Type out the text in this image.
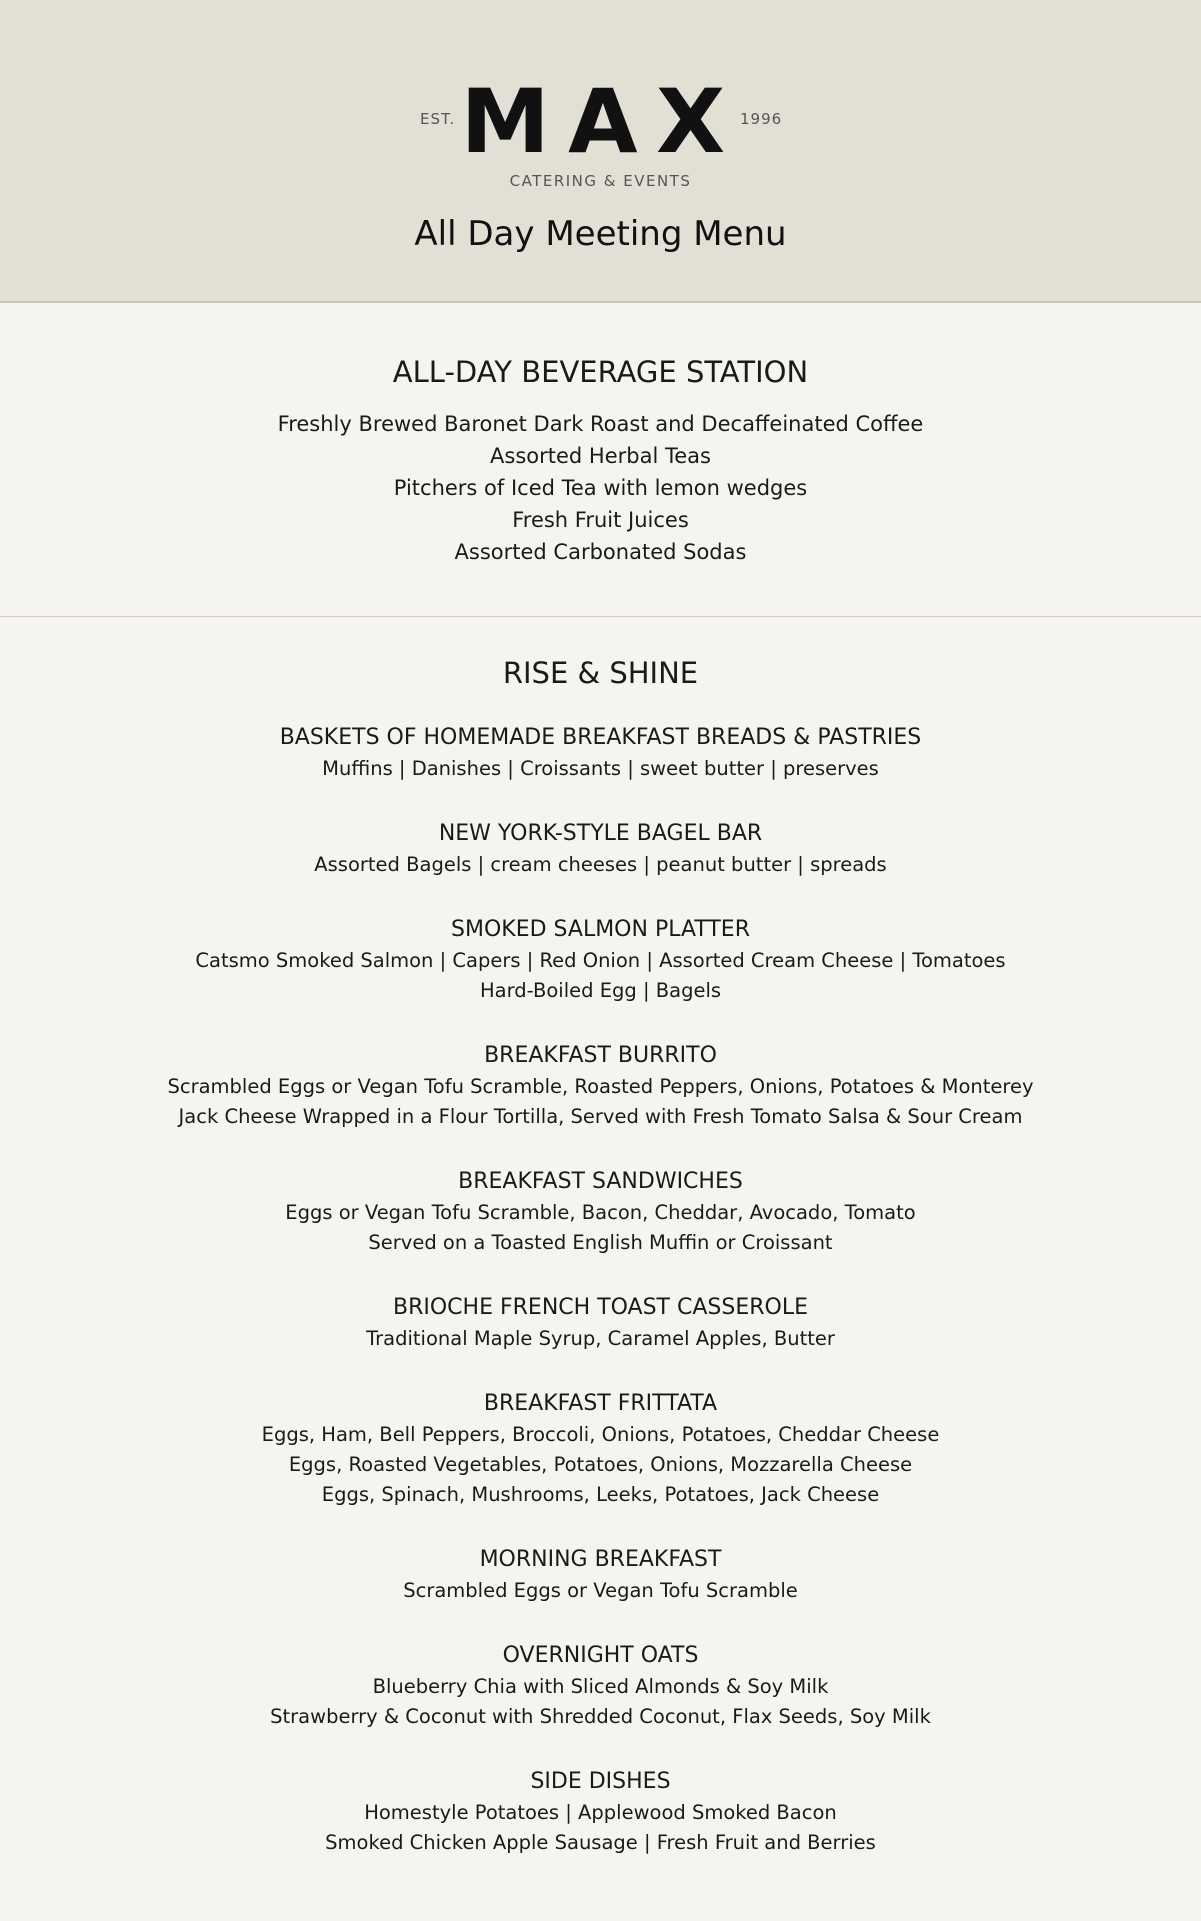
EST. MAX
1996
CATERING & EVENTS
All Day Meeting Menu
ALL-DAY BEVERAGE STATION
Freshly Brewed Baronet Dark Roast and Decaffeinated Coffee
Assorted Herbal Teas
Pitchers of Iced Tea with lemon wedges
Fresh Fruit Juices
Assorted Carbonated Sodas
RISE & SHINE
BASKETS OF HOMEMADE BREAKFAST BREADS & PASTRIES
Muffins | Danishes | Croissants | sweet butter | preserves
NEW YORK-STYLE BAGEL BAR
Assorted Bagels | cream cheeses | peanut butter | spreads
SMOKED SALMON PLATTER
Catsmo Smoked Salmon | Capers | Red Onion | Assorted Cream Cheese | Tomatoes
Hard-Boiled Egg | Bagels
BREAKFAST BURRITO
Scrambled Eggs or Vegan Tofu Scramble, Roasted Peppers, Onions, Potatoes & Monterey
Jack Cheese Wrapped in a Flour Tortilla, Served with Fresh Tomato Salsa & Sour Cream
BREAKFAST SANDWICHES
Eggs or Vegan Tofu Scramble, Bacon, Cheddar, Avocado, Tomato
Served on a Toasted English Muffin or Croissant
BRIOCHE FRENCH TOAST CASSEROLE
Traditional Maple Syrup, Caramel Apples, Butter
BREAKFAST FRITTATA
Eggs, Ham, Bell Peppers, Broccoli, Onions, Potatoes, Cheddar Cheese
Eggs, Roasted Vegetables, Potatoes, Onions, Mozzarella Cheese
Eggs, Spinach, Mushrooms, Leeks, Potatoes, Jack Cheese
MORNING BREAKFAST
Scrambled Eggs or Vegan Tofu Scramble
OVERNIGHT OATS
Blueberry Chia with Sliced Almonds & Soy Milk
Strawberry & Coconut with Shredded Coconut, Flax Seeds, Soy Milk
SIDE DISHES
Homestyle Potatoes | Applewood Smoked Bacon
Smoked Chicken Apple Sausage | Fresh Fruit and Berries
